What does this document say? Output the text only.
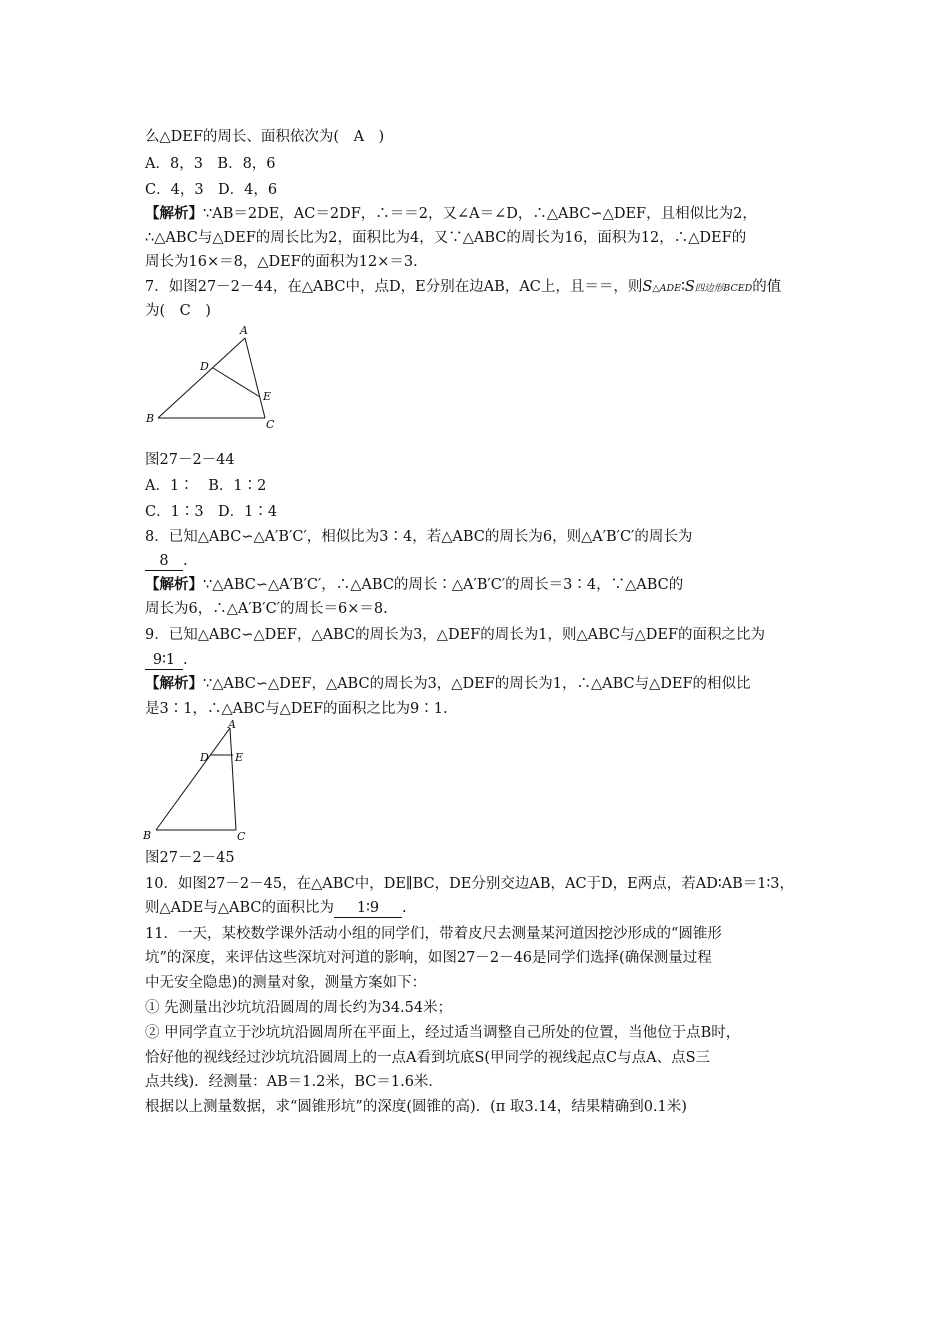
么△DEF的周长、面积依次为(　A　)
A．8，3　B．8，6
C．4，3　D．4，6
【解析】∵AB＝2DE，AC＝2DF，∴＝＝2，又∠A＝∠D，∴△ABC∽△DEF，且相似比为2，
∴△ABC与△DEF的周长比为2，面积比为4，又∵△ABC的周长为16，面积为12，∴△DEF的
周长为16×＝8，△DEF的面积为12×＝3.
7．如图27－2－44，在△ABC中，点D，E分别在边AB，AC上，且＝＝，则S△ADE∶S四边形BCED的值
为(　C　)
A
D
E
B	C
图27－2－44
A．1∶　B．1∶2
C．1∶3　D．1∶4
8．已知△ABC∽△A′B′C′，相似比为3∶4，若△ABC的周长为6，则△A′B′C′的周长为
8 .
【解析】∵△ABC∽△A′B′C′，∴△ABC的周长∶△A′B′C′的周长＝3∶4，∵△ABC的
周长为6，∴△A′B′C′的周长＝6×＝8.
9．已知△ABC∽△DEF，△ABC的周长为3，△DEF的周长为1，则△ABC与△DEF的面积之比为
9∶1 .
【解析】∵△ABC∽△DEF，△ABC的周长为3，△DEF的周长为1，∴△ABC与△DEF的相似比
是3∶1，∴△ABC与△DEF的面积之比为9∶1.
A
D E
B	C
图27－2－45
10．如图27－2－45，在△ABC中，DE∥BC，DE分别交边AB，AC于D，E两点，若AD∶AB＝1∶3，
则△ADE与△ABC的面积比为 1∶9 .
11．一天，某校数学课外活动小组的同学们，带着皮尺去测量某河道因挖沙形成的“圆锥形
坑”的深度，来评估这些深坑对河道的影响，如图27－2－46是同学们选择(确保测量过程
中无安全隐患)的测量对象，测量方案如下：
① 先测量出沙坑坑沿圆周的周长约为34.54米；
② 甲同学直立于沙坑坑沿圆周所在平面上，经过适当调整自己所处的位置，当他位于点B时，
恰好他的视线经过沙坑坑沿圆周上的一点A看到坑底S(甲同学的视线起点C与点A、点S三
点共线)．经测量：AB＝1.2米，BC＝1.6米．
根据以上测量数据，求“圆锥形坑”的深度(圆锥的高)．(π 取3.14，结果精确到0.1米)
